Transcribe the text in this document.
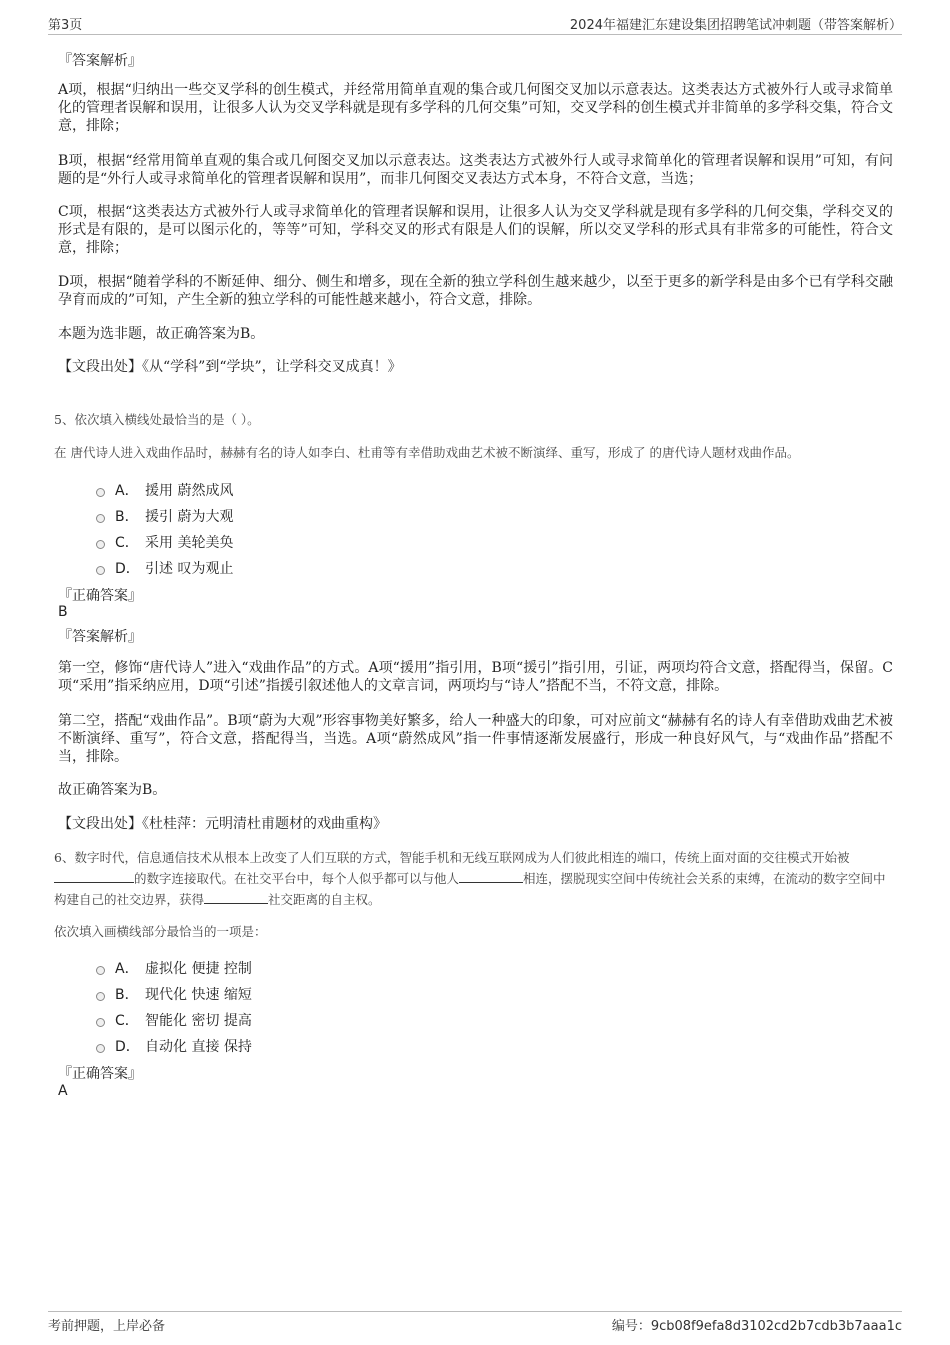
第3页	2024年福建汇东建设集团招聘笔试冲刺题（带答案解析）
『答案解析』

A项，根据“归纳出一些交叉学科的创生模式，并经常用简单直观的集合或几何图交叉加以示意表达。这类表达方式被外行人或寻求简单化的管理者误解和误用，让很多人认为交叉学科就是现有多学科的几何交集”可知，交叉学科的创生模式并非简单的多学科交集，符合文意，排除；

B项，根据“经常用简单直观的集合或几何图交叉加以示意表达。这类表达方式被外行人或寻求简单化的管理者误解和误用”可知，有问题的是“外行人或寻求简单化的管理者误解和误用”，而非几何图交叉表达方式本身，不符合文意，当选；

C项，根据“这类表达方式被外行人或寻求简单化的管理者误解和误用，让很多人认为交叉学科就是现有多学科的几何交集，学科交叉的形式是有限的，是可以图示化的，等等”可知，学科交叉的形式有限是人们的误解，所以交叉学科的形式具有非常多的可能性，符合文意，排除；

D项，根据“随着学科的不断延伸、细分、侧生和增多，现在全新的独立学科创生越来越少，以至于更多的新学科是由多个已有学科交融孕育而成的”可知，产生全新的独立学科的可能性越来越小，符合文意，排除。

本题为选非题，故正确答案为B。

【文段出处】《从“学科”到“学块”，让学科交叉成真！》

5、依次填入横线处最恰当的是（ ）。

在 唐代诗人进入戏曲作品时，赫赫有名的诗人如李白、杜甫等有幸借助戏曲艺术被不断演绎、重写，形成了 的唐代诗人题材戏曲作品。

A． 援用 蔚然成风
B． 援引 蔚为大观
C． 采用 美轮美奂
D． 引述 叹为观止
『正确答案』
B
『答案解析』

第一空，修饰“唐代诗人”进入“戏曲作品”的方式。A项“援用”指引用，B项“援引”指引用，引证，两项均符合文意，搭配得当，保留。C项“采用”指采纳应用，D项“引述”指援引叙述他人的文章言词，两项均与“诗人”搭配不当，不符文意，排除。

第二空，搭配“戏曲作品”。B项“蔚为大观”形容事物美好繁多，给人一种盛大的印象，可对应前文“赫赫有名的诗人有幸借助戏曲艺术被不断演绎、重写”，符合文意，搭配得当，当选。A项“蔚然成风”指一件事情逐渐发展盛行，形成一种良好风气，与“戏曲作品”搭配不当，排除。

故正确答案为B。

【文段出处】《杜桂萍：元明清杜甫题材的戏曲重构》

6、数字时代，信息通信技术从根本上改变了人们互联的方式，智能手机和无线互联网成为人们彼此相连的端口，传统上面对面的交往模式开始被的数字连接取代。在社交平台中，每个人似乎都可以与他人	相连，摆脱现实空间中传统社会关系的束缚，在流动的数字空间中构建自己的社交边界，获得	社交距离的自主权。

依次填入画横线部分最恰当的一项是：

A． 虚拟化 便捷 控制
B． 现代化 快速 缩短
C． 智能化 密切 提高
D． 自动化 直接 保持
『正确答案』
A
考前押题，上岸必备	编号：9cb08f9efa8d3102cd2b7cdb3b7aaa1c
